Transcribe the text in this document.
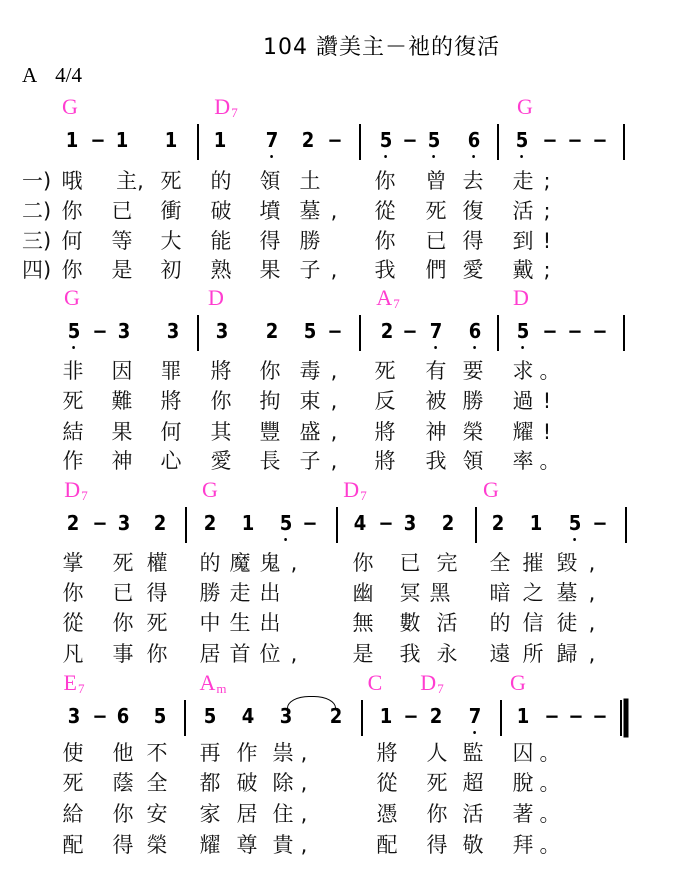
104 讚美主－祂的復活
A 4/4
G	$D_7$	G
1 − 1 1 1 7 2 − 5 − 5 6 5 − − −
一) 哦 主, 死 的 領 土	你 曾 去 走 ;
二) 你 已 衝 破 墳 墓 , 從 死 復 活 ;
三) 何 等 大 能 得 勝	你 已 得 到 !
四) 你 是 初 熟 果 子 , 我 們 愛 戴 ;
G	D	$A_7$	D
5 − 3 3 3 2 5 − 2 − 7 6 5 − − −
非 因 罪 將 你 毒 , 死 有 要 求 。
死 難 將 你 拘 束 , 反 被 勝 過 !
結 果 何 其 豐 盛 , 將 神 榮 耀 !
作 神 心 愛 長 子 , 將 我 領 率 。
$D_7$	G	$D_7$	G
2 − 3 2 2 1 5 − 4 − 3 2 2 1 5 −
掌 死 權 的 魔 鬼 ,	你 已 完 全 摧 毀 ,
你 已 得 勝 走 出	幽 冥 黑 暗 之 墓 ,
從 你 死 中 生 出	無 數 活 的 信 徒 ,
凡 事 你 居 首 位 ,	是 我 永 遠 所 歸 ,
$E_7$	$A_m$	C $D_7$	G
3 − 6 5 5 4 3 2 1 − 2 7 1 − − −
使 他 不 再 作 祟 ,	將 人 監 囚 。
死 蔭 全 都 破 除 ,	從 死 超 脫 。
給 你 安 家 居 住 ,	憑 你 活 著 。
配 得 榮 耀 尊 貴 ,	配 得 敬 拜 。
